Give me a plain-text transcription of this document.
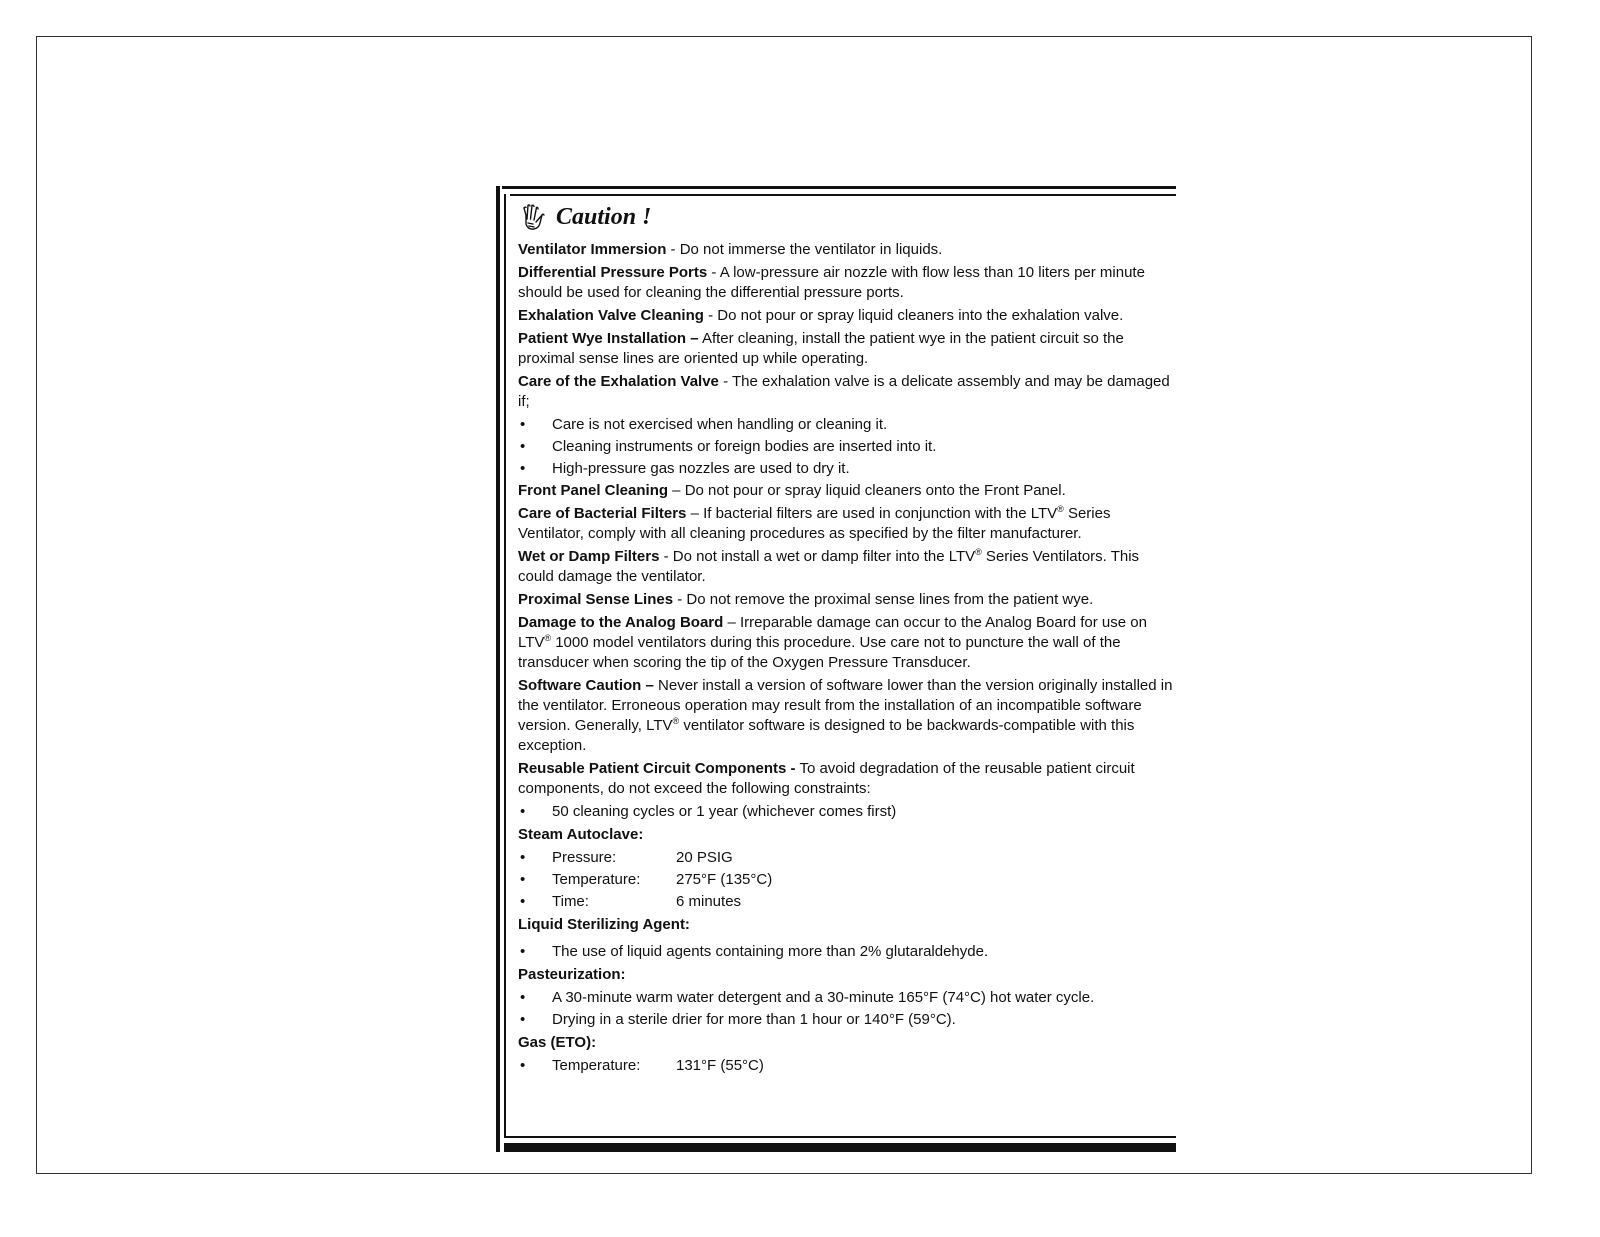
Caution !

Ventilator Immersion - Do not immerse the ventilator in liquids.

Differential Pressure Ports - A low-pressure air nozzle with flow less than 10 liters per minute should be used for cleaning the differential pressure ports.

Exhalation Valve Cleaning - Do not pour or spray liquid cleaners into the exhalation valve.

Patient Wye Installation – After cleaning, install the patient wye in the patient circuit so the proximal sense lines are oriented up while operating.

Care of the Exhalation Valve - The exhalation valve is a delicate assembly and may be damaged if;

•	Care is not exercised when handling or cleaning it.
•	Cleaning instruments or foreign bodies are inserted into it.
•	High-pressure gas nozzles are used to dry it.

Front Panel Cleaning – Do not pour or spray liquid cleaners onto the Front Panel.

Care of Bacterial Filters – If bacterial filters are used in conjunction with the LTV® Series Ventilator, comply with all cleaning procedures as specified by the filter manufacturer.

Wet or Damp Filters - Do not install a wet or damp filter into the LTV® Series Ventilators. This could damage the ventilator.

Proximal Sense Lines - Do not remove the proximal sense lines from the patient wye.

Damage to the Analog Board – Irreparable damage can occur to the Analog Board for use on LTV® 1000 model ventilators during this procedure. Use care not to puncture the wall of the transducer when scoring the tip of the Oxygen Pressure Transducer.

Software Caution – Never install a version of software lower than the version originally installed in the ventilator. Erroneous operation may result from the installation of an incompatible software version. Generally, LTV® ventilator software is designed to be backwards-compatible with this exception.

Reusable Patient Circuit Components - To avoid degradation of the reusable patient circuit components, do not exceed the following constraints:

•	50 cleaning cycles or 1 year (whichever comes first)
Steam Autoclave:
•	Pressure:	20 PSIG
•	Temperature:	275°F (135°C)
•	Time:	6 minutes
Liquid Sterilizing Agent:
•	The use of liquid agents containing more than 2% glutaraldehyde.
Pasteurization:
•	A 30-minute warm water detergent and a 30-minute 165°F (74°C) hot water cycle.
•	Drying in a sterile drier for more than 1 hour or 140°F (59°C).
Gas (ETO):
•	Temperature:	131°F (55°C)
